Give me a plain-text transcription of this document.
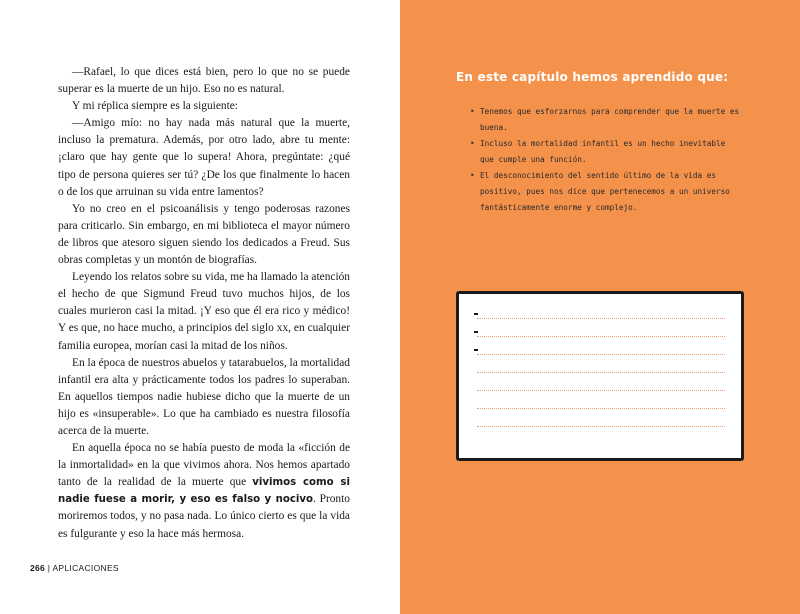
—Rafael, lo que dices está bien, pero lo que no se puede superar es la muerte de un hijo. Eso no es natural.

Y mi réplica siempre es la siguiente:

—Amigo mío: no hay nada más natural que la muerte, incluso la prematura. Además, por otro lado, abre tu mente: ¡claro que hay gente que lo supera! Ahora, pregúntate: ¿qué tipo de persona quieres ser tú? ¿De los que finalmente lo hacen o de los que arruinan su vida entre lamentos?

Yo no creo en el psicoanálisis y tengo poderosas razones para criticarlo. Sin embargo, en mi biblioteca el mayor número de libros que atesoro siguen siendo los dedicados a Freud. Sus obras completas y un montón de biografías.

Leyendo los relatos sobre su vida, me ha llamado la atención el hecho de que Sigmund Freud tuvo muchos hijos, de los cuales murieron casi la mitad. ¡Y eso que él era rico y médico! Y es que, no hace mucho, a principios del siglo xx, en cualquier familia europea, morían casi la mitad de los niños.

En la época de nuestros abuelos y tatarabuelos, la mortalidad infantil era alta y prácticamente todos los padres lo superaban. En aquellos tiempos nadie hubiese dicho que la muerte de un hijo es «insuperable». Lo que ha cambiado es nuestra filosofía acerca de la muerte.

En aquella época no se había puesto de moda la «ficción de la inmortalidad» en la que vivimos ahora. Nos hemos apartado tanto de la realidad de la muerte que vivimos como si nadie fuese a morir, y eso es falso y nocivo. Pronto moriremos todos, y no pasa nada. Lo único cierto es que la vida es fulgurante y eso la hace más hermosa.

266 | APLICACIONES
En este capítulo hemos aprendido que:
• Tenemos que esforzarnos para comprender que la muerte es buena.
• Incluso la mortalidad infantil es un hecho inevitable que cumple una función.
• El desconocimiento del sentido último de la vida es positivo, pues nos dice que pertenecemos a un universo fantásticamente enorme y complejo.
